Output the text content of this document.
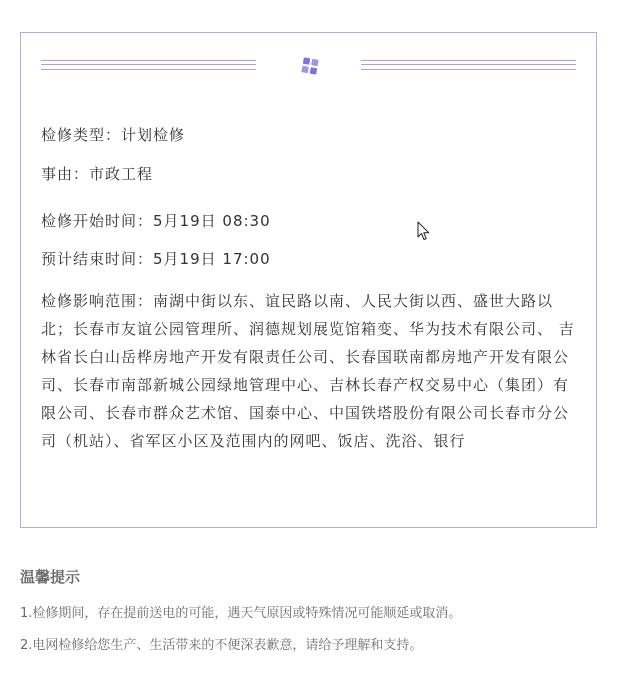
检修类型：计划检修
事由：市政工程
检修开始时间：5月19日 08:30
预计结束时间：5月19日 17:00
检修影响范围：南湖中街以东、谊民路以南、人民大街以西、盛世大路以北；长春市友谊公园管理所、润德规划展览馆箱变、华为技术有限公司、 吉林省长白山岳桦房地产开发有限责任公司、长春国联南都房地产开发有限公司、长春市南部新城公园绿地管理中心、吉林长春产权交易中心（集团）有限公司、长春市群众艺术馆、国泰中心、中国铁塔股份有限公司长春市分公司（机站）、省军区小区及范围内的网吧、饭店、洗浴、银行
温馨提示
1.检修期间，存在提前送电的可能，遇天气原因或特殊情况可能顺延或取消。
2.电网检修给您生产、生活带来的不便深表歉意，请给予理解和支持。
